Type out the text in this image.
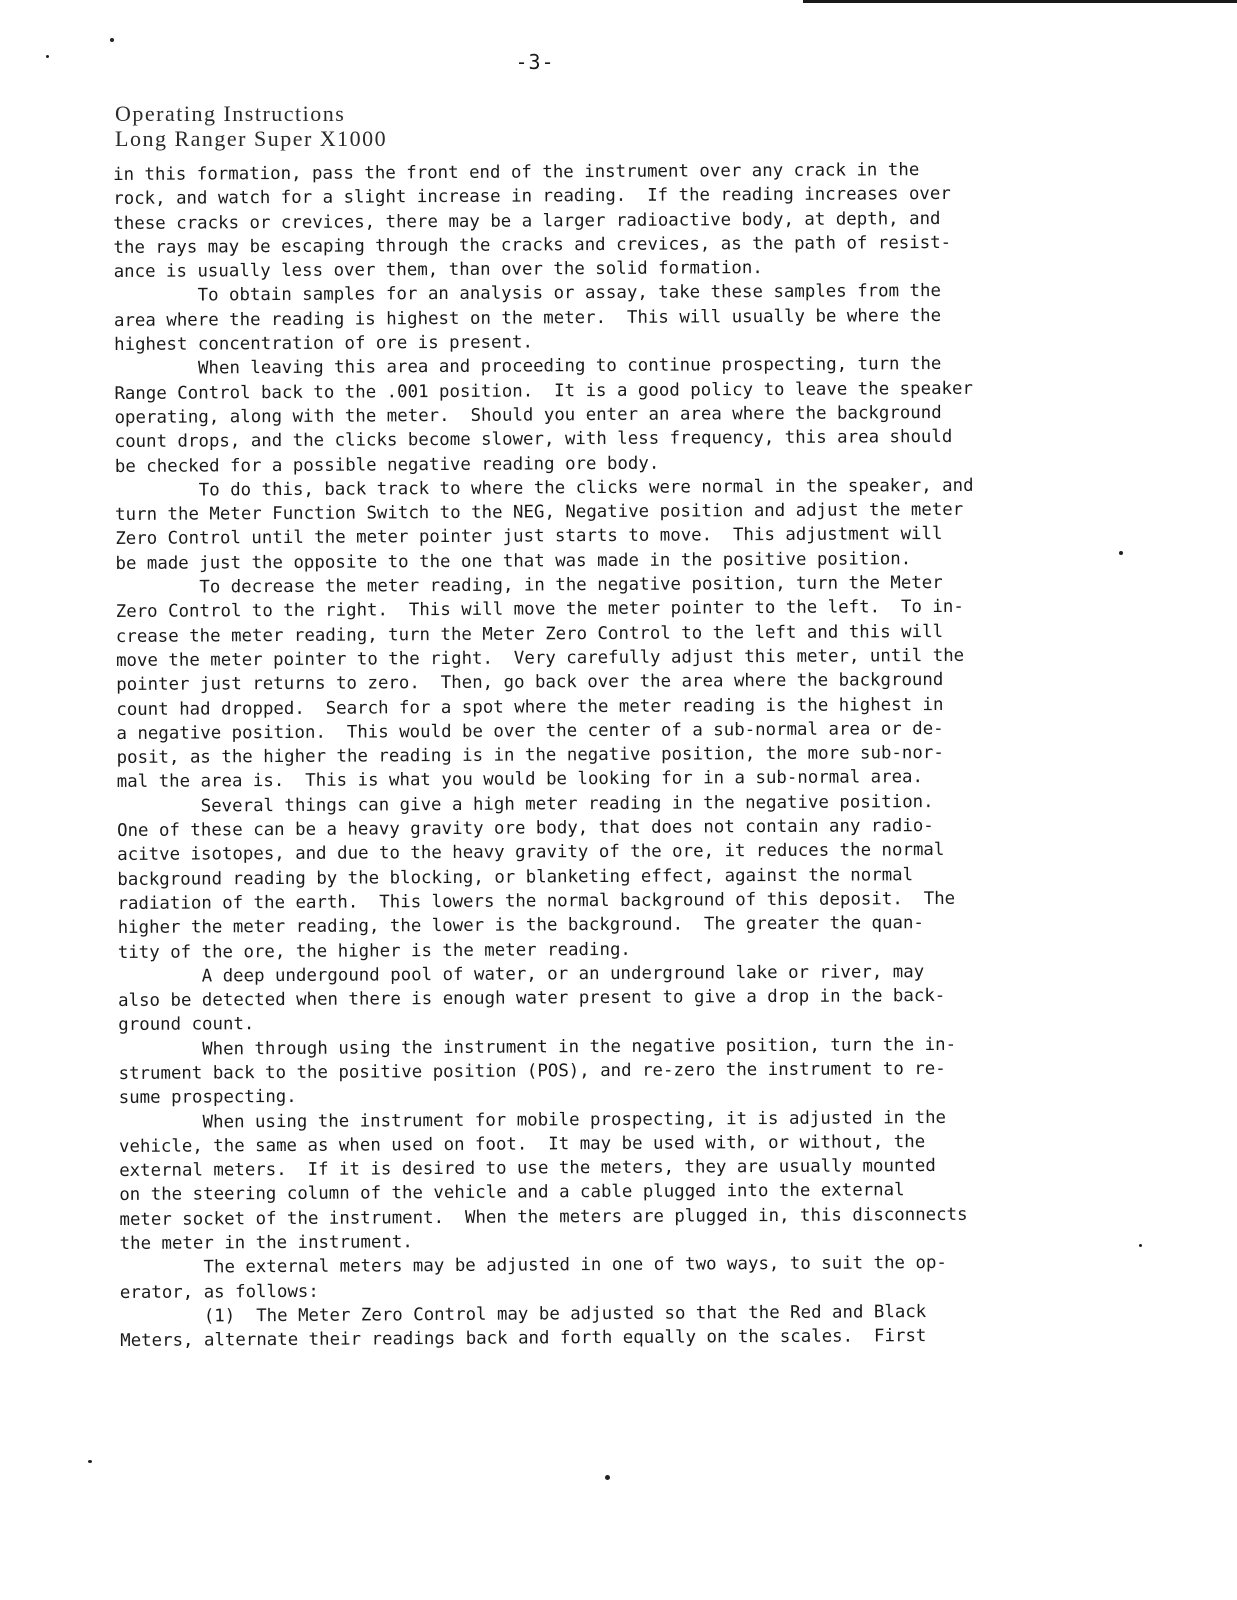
-3-
Operating Instructions
Long Ranger Super X1000

in this formation, pass the front end of the instrument over any crack in the
rock, and watch for a slight increase in reading.  If the reading increases over
these cracks or crevices, there may be a larger radioactive body, at depth, and
the rays may be escaping through the cracks and crevices, as the path of resist-
ance is usually less over them, than over the solid formation.

To obtain samples for an analysis or assay, take these samples from the
area where the reading is highest on the meter.  This will usually be where the
highest concentration of ore is present.

When leaving this area and proceeding to continue prospecting, turn the
Range Control back to the .001 position.  It is a good policy to leave the speaker
operating, along with the meter.  Should you enter an area where the background
count drops, and the clicks become slower, with less frequency, this area should
be checked for a possible negative reading ore body.

To do this, back track to where the clicks were normal in the speaker, and
turn the Meter Function Switch to the NEG, Negative position and adjust the meter
Zero Control until the meter pointer just starts to move.  This adjustment will
be made just the opposite to the one that was made in the positive position.

To decrease the meter reading, in the negative position, turn the Meter
Zero Control to the right.  This will move the meter pointer to the left.  To in-
crease the meter reading, turn the Meter Zero Control to the left and this will
move the meter pointer to the right.  Very carefully adjust this meter, until the
pointer just returns to zero.  Then, go back over the area where the background
count had dropped.  Search for a spot where the meter reading is the highest in
a negative position.  This would be over the center of a sub-normal area or de-
posit, as the higher the reading is in the negative position, the more sub-nor-
mal the area is.  This is what you would be looking for in a sub-normal area.

Several things can give a high meter reading in the negative position.
One of these can be a heavy gravity ore body, that does not contain any radio-
acitve isotopes, and due to the heavy gravity of the ore, it reduces the normal
background reading by the blocking, or blanketing effect, against the normal
radiation of the earth.  This lowers the normal background of this deposit.  The
higher the meter reading, the lower is the background.  The greater the quan-
tity of the ore, the higher is the meter reading.

A deep undergound pool of water, or an underground lake or river, may
also be detected when there is enough water present to give a drop in the back-
ground count.

When through using the instrument in the negative position, turn the in-
strument back to the positive position (POS), and re-zero the instrument to re-
sume prospecting.

When using the instrument for mobile prospecting, it is adjusted in the
vehicle, the same as when used on foot.  It may be used with, or without, the
external meters.  If it is desired to use the meters, they are usually mounted
on the steering column of the vehicle and a cable plugged into the external
meter socket of the instrument.  When the meters are plugged in, this disconnects
the meter in the instrument.

The external meters may be adjusted in one of two ways, to suit the op-
erator, as follows:

(1)  The Meter Zero Control may be adjusted so that the Red and Black
Meters, alternate their readings back and forth equally on the scales.  First
